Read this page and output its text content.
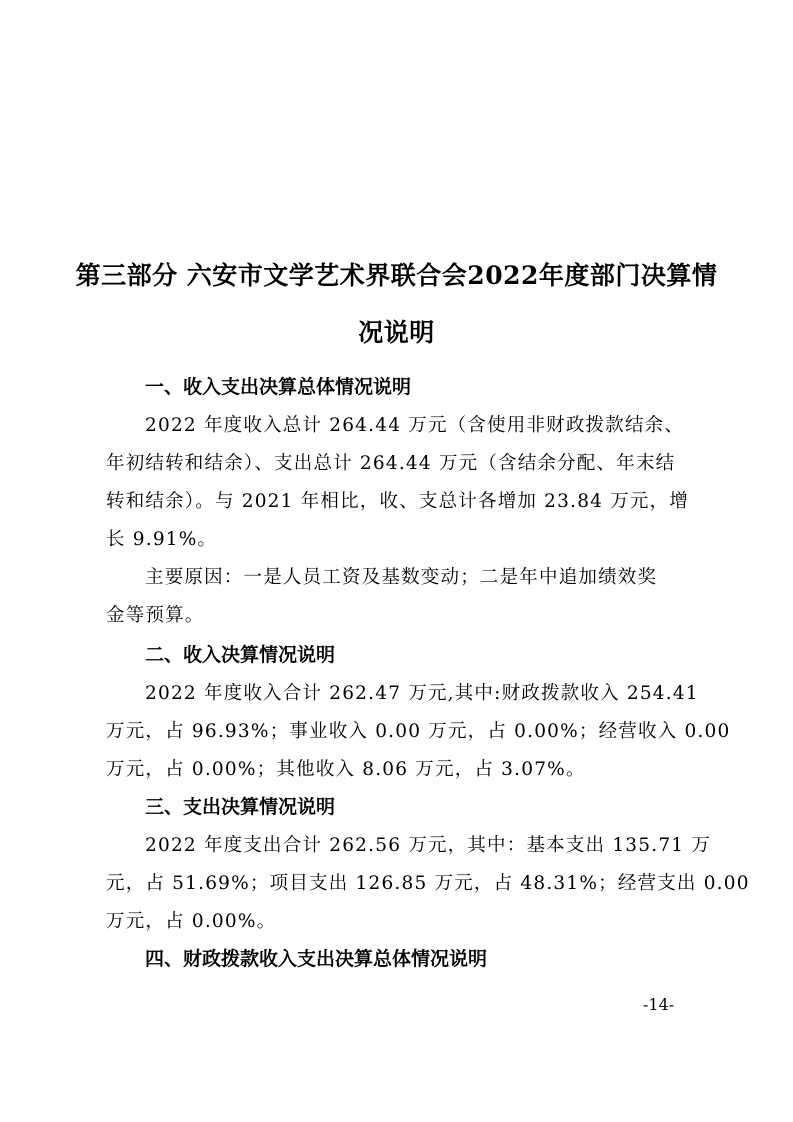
第三部分 六安市文学艺术界联合会2022年度部门决算情
况说明
一、收入支出决算总体情况说明
2022 年度收入总计 264.44 万元（含使用非财政拨款结余、
年初结转和结余）、支出总计 264.44 万元（含结余分配、年末结
转和结余）。与 2021 年相比，收、支总计各增加 23.84 万元，增
长 9.91%。
主要原因：一是人员工资及基数变动；二是年中追加绩效奖
金等预算。
二、收入决算情况说明
2022 年度收入合计 262.47 万元,其中:财政拨款收入 254.41
万元，占 96.93%；事业收入 0.00 万元，占 0.00%；经营收入 0.00
万元，占 0.00%；其他收入 8.06 万元，占 3.07%。
三、支出决算情况说明
2022 年度支出合计 262.56 万元，其中：基本支出 135.71 万
元，占 51.69%；项目支出 126.85 万元，占 48.31%；经营支出 0.00
万元，占 0.00%。
四、财政拨款收入支出决算总体情况说明
-14-
